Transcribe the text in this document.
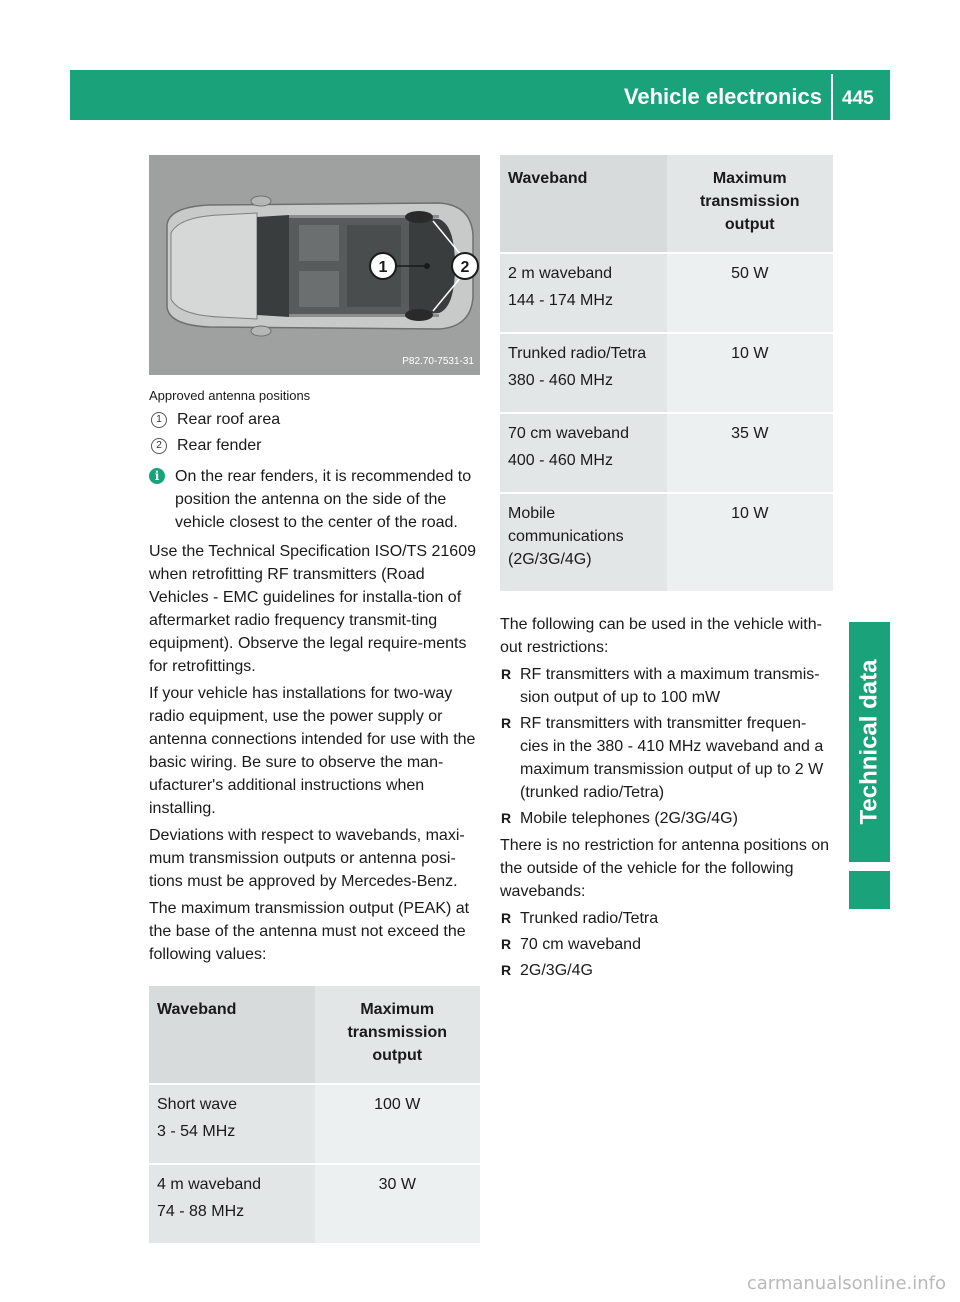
Vehicle electronics 445
Technical data
1	2
P82.70-7531-31
Approved antenna positions
1 Rear roof area
2 Rear fender
i On the rear fenders, it is recommended to position the antenna on the side of the vehicle closest to the center of the road.

Use the Technical Specification ISO/TS 21609 when retrofitting RF transmitters (Road Vehicles - EMC guidelines for installa-tion of aftermarket radio frequency transmit-ting equipment). Observe the legal require-ments for retrofittings.

If your vehicle has installations for two-way radio equipment, use the power supply or antenna connections intended for use with the basic wiring. Be sure to observe the man-ufacturer's additional instructions when installing.

Deviations with respect to wavebands, maxi-mum transmission outputs or antenna posi-tions must be approved by Mercedes-Benz.

The maximum transmission output (PEAK) at the base of the antenna must not exceed the following values:

Waveband	Maximum transmission output

Short wave
3 - 54 MHz	100 W

4 m waveband
74 - 88 MHz	30 W
Waveband	Maximum transmission output

2 m waveband
144 - 174 MHz	50 W

Trunked radio/Tetra
380 - 460 MHz	10 W

70 cm waveband
400 - 460 MHz	35 W

Mobile communications (2G/3G/4G)	10 W

The following can be used in the vehicle with-out restrictions:

R RF transmitters with a maximum transmis-sion output of up to 100 mW
R RF transmitters with transmitter frequen-cies in the 380 - 410 MHz waveband and a maximum transmission output of up to 2 W (trunked radio/Tetra)
R Mobile telephones (2G/3G/4G)

There is no restriction for antenna positions on the outside of the vehicle for the following wavebands:

R Trunked radio/Tetra
R 70 cm waveband
R 2G/3G/4G
carmanualsonline.info
